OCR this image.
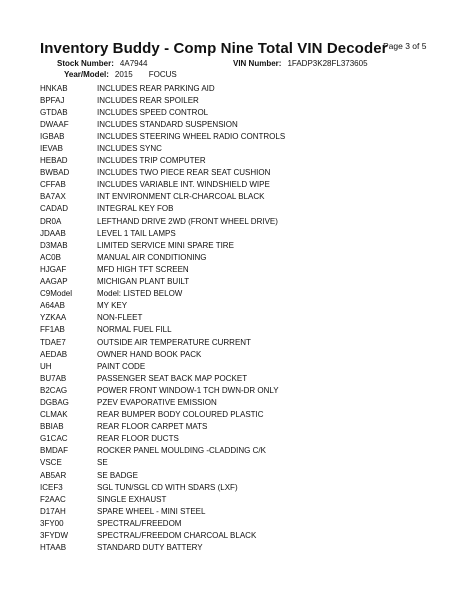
Inventory Buddy - Comp Nine Total VIN Decoder
Page 3 of 5
Stock Number: 4A7944	VIN Number: 1FADP3K28FL373605
Year/Model: 2015 FOCUS
HNKAB	INCLUDES REAR PARKING AID
BPFAJ	INCLUDES REAR SPOILER
GTDAB	INCLUDES SPEED CONTROL
DWAAF	INCLUDES STANDARD SUSPENSION
IGBAB	INCLUDES STEERING WHEEL RADIO CONTROLS
IEVAB	INCLUDES SYNC
HEBAD	INCLUDES TRIP COMPUTER
BWBAD	INCLUDES TWO PIECE REAR SEAT CUSHION
CFFAB	INCLUDES VARIABLE INT. WINDSHIELD WIPE
BA7AX	INT ENVIRONMENT CLR-CHARCOAL BLACK
CADAD	INTEGRAL KEY FOB
DR0A	LEFTHAND DRIVE 2WD (FRONT WHEEL DRIVE)
JDAAB	LEVEL 1 TAIL LAMPS
D3MAB	LIMITED SERVICE MINI SPARE TIRE
AC0B	MANUAL AIR CONDITIONING
HJGAF	MFD HIGH TFT SCREEN
AAGAP	MICHIGAN PLANT BUILT
C9Model	Model: LISTED BELOW
A64AB	MY KEY
YZKAA	NON-FLEET
FF1AB	NORMAL FUEL FILL
TDAE7	OUTSIDE AIR TEMPERATURE CURRENT
AEDAB	OWNER HAND BOOK PACK
UH	PAINT CODE
BU7AB	PASSENGER SEAT BACK MAP POCKET
B2CAG	POWER FRONT WINDOW-1 TCH DWN-DR ONLY
DGBAG	PZEV EVAPORATIVE EMISSION
CLMAK	REAR BUMPER BODY COLOURED PLASTIC
BBIAB	REAR FLOOR CARPET MATS
G1CAC	REAR FLOOR DUCTS
BMDAF	ROCKER PANEL MOULDING -CLADDING C/K
VSCE	SE
AB5AR	SE BADGE
ICEF3	SGL TUN/SGL CD WITH SDARS (LXF)
F2AAC	SINGLE EXHAUST
D17AH	SPARE WHEEL - MINI STEEL
3FY00	SPECTRAL/FREEDOM
3FYDW	SPECTRAL/FREEDOM CHARCOAL BLACK
HTAAB	STANDARD DUTY BATTERY
